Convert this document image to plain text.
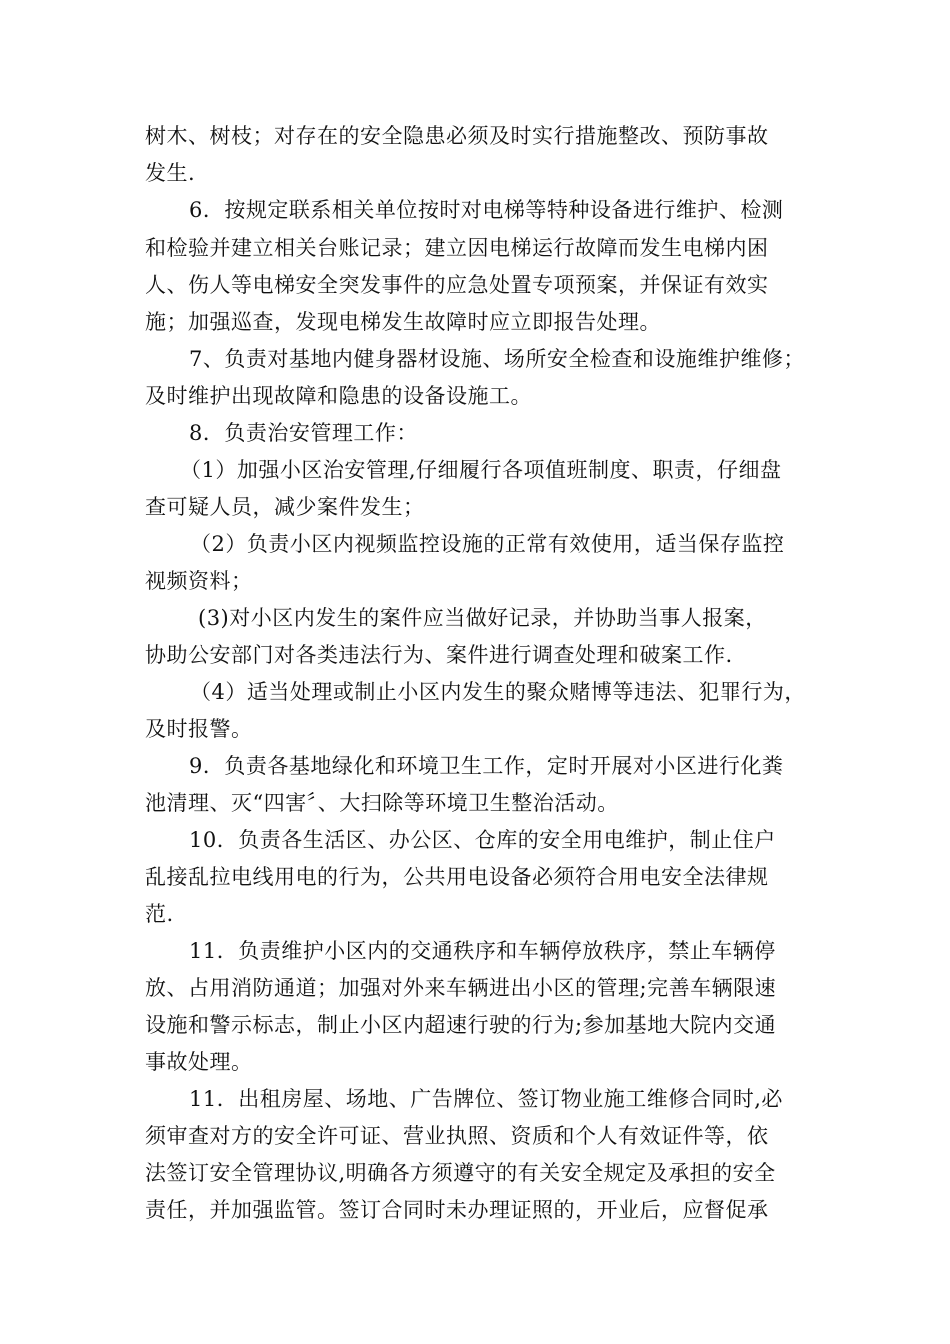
树木、树枝；对存在的安全隐患必须及时实行措施整改、预防事故
发生.
6．按规定联系相关单位按时对电梯等特种设备进行维护、检测
和检验并建立相关台账记录；建立因电梯运行故障而发生电梯内困
人、伤人等电梯安全突发事件的应急处置专项预案，并保证有效实
施；加强巡查，发现电梯发生故障时应立即报告处理。
7、负责对基地内健身器材设施、场所安全检查和设施维护维修；
及时维护出现故障和隐患的设备设施工。
8．负责治安管理工作：
（1）加强小区治安管理,仔细履行各项值班制度、职责，仔细盘
查可疑人员，减少案件发生；
（2）负责小区内视频监控设施的正常有效使用，适当保存监控
视频资料；
(3)对小区内发生的案件应当做好记录，并协助当事人报案，
协助公安部门对各类违法行为、案件进行调查处理和破案工作.
（4）适当处理或制止小区内发生的聚众赌博等违法、犯罪行为，
及时报警。
9．负责各基地绿化和环境卫生工作，定时开展对小区进行化粪
池清理、灭“四害〞、大扫除等环境卫生整治活动。
10．负责各生活区、办公区、仓库的安全用电维护，制止住户
乱接乱拉电线用电的行为，公共用电设备必须符合用电安全法律规
范.
11．负责维护小区内的交通秩序和车辆停放秩序，禁止车辆停
放、占用消防通道；加强对外来车辆进出小区的管理;完善车辆限速
设施和警示标志，制止小区内超速行驶的行为;参加基地大院内交通
事故处理。
11．出租房屋、场地、广告牌位、签订物业施工维修合同时,必
须审查对方的安全许可证、营业执照、资质和个人有效证件等，依
法签订安全管理协议,明确各方须遵守的有关安全规定及承担的安全
责任，并加强监管。签订合同时未办理证照的，开业后，应督促承
